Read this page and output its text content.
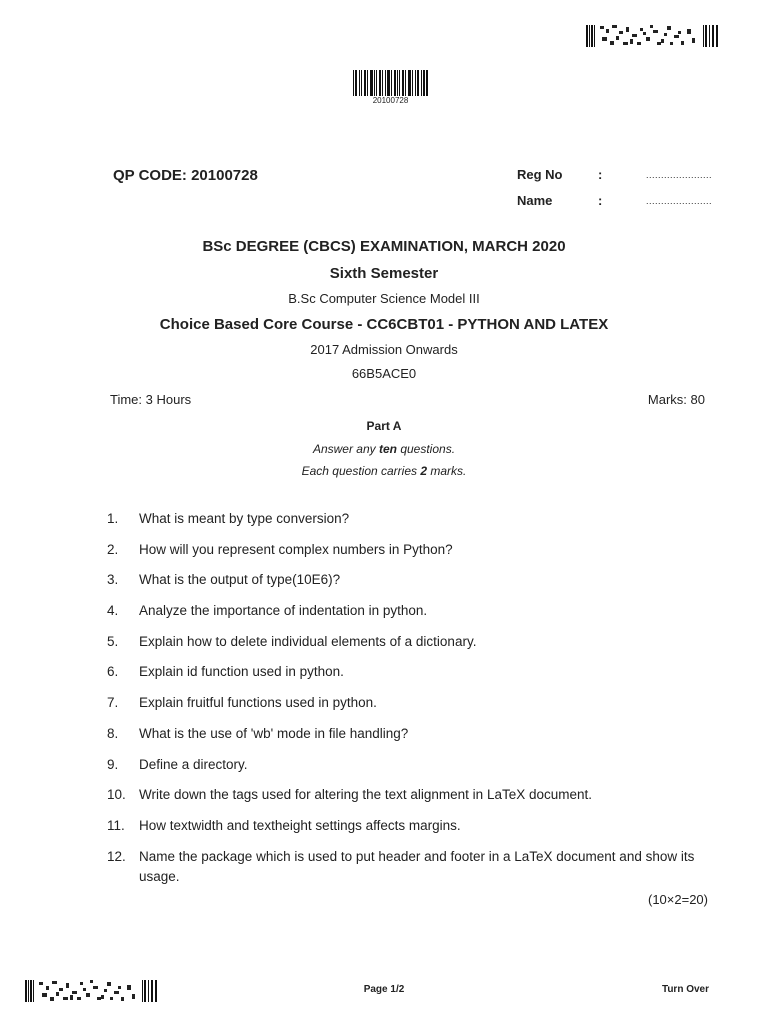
20100728
QP CODE: 20100728	Reg No	:	......................
Name	:	......................
BSc DEGREE (CBCS) EXAMINATION, MARCH 2020
Sixth Semester
B.Sc Computer Science Model III
Choice Based Core Course - CC6CBT01 - PYTHON AND LATEX
2017 Admission Onwards
66B5ACE0
Time: 3 Hours	Marks: 80
Part A
Answer any ten questions.
Each question carries 2 marks.
1.	What is meant by type conversion?
2.	How will you represent complex numbers in Python?
3.	What is the output of type(10E6)?
4.	Analyze the importance of indentation in python.
5.	Explain how to delete individual elements of a dictionary.
6.	Explain id function used in python.
7.	Explain fruitful functions used in python.
8.	What is the use of 'wb' mode in file handling?
9.	Define a directory.
10. Write down the tags used for altering the text alignment in LaTeX document.
11.	How textwidth and textheight settings affects margins.
12. Name the package which is used to put header and footer in a LaTeX document and show its usage.
(10×2=20)
Page 1/2	Turn Over
